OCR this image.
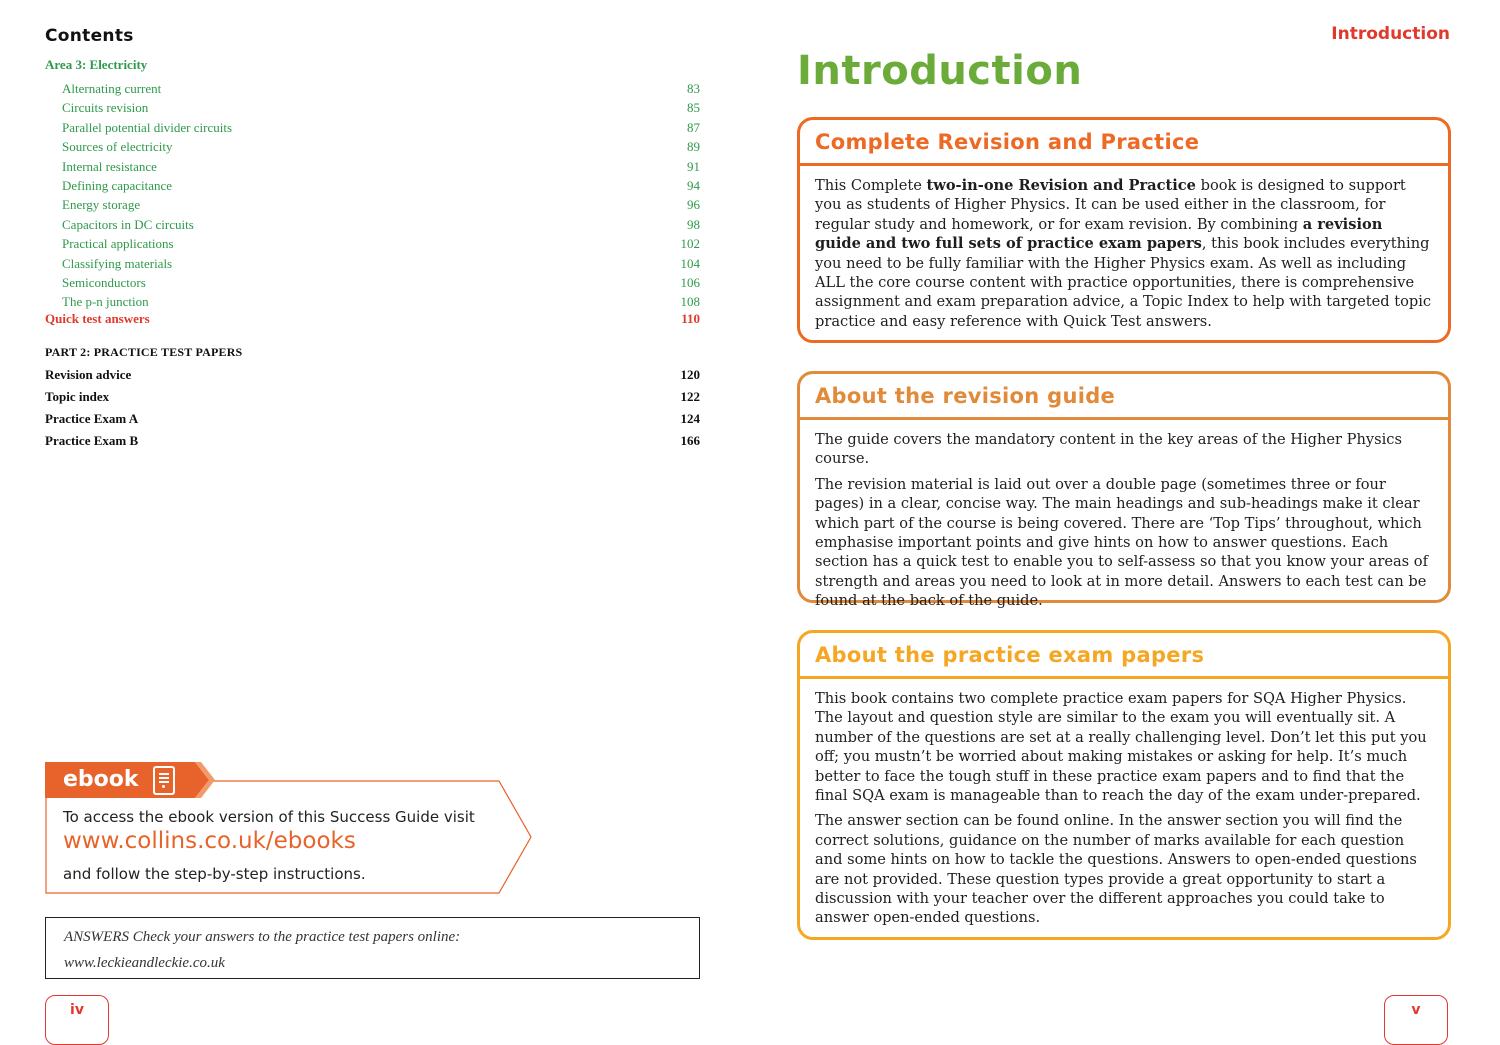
Contents
Area 3: Electricity
Alternating current	83
Circuits revision	85
Parallel potential divider circuits	87
Sources of electricity	89
Internal resistance	91
Defining capacitance	94
Energy storage	96
Capacitors in DC circuits	98
Practical applications	102
Classifying materials	104
Semiconductors	106
The p-n junction	108
Quick test answers	110
PART 2: PRACTICE TEST PAPERS
Revision advice	120
Topic index	122
Practice Exam A	124
Practice Exam B	166
ebook
To access the ebook version of this Success Guide visit
www.collins.co.uk/ebooks
and follow the step-by-step instructions.
ANSWERS Check your answers to the practice test papers online:
www.leckieandleckie.co.uk
iv
Introduction
Introduction
Complete Revision and Practice

This Complete two-in-one Revision and Practice book is designed to support you as students of Higher Physics. It can be used either in the classroom, for regular study and homework, or for exam revision. By combining a revision guide and two full sets of practice exam papers, this book includes everything you need to be fully familiar with the Higher Physics exam. As well as including ALL the core course content with practice opportunities, there is comprehensive assignment and exam preparation advice, a Topic Index to help with targeted topic practice and easy reference with Quick Test answers.

About the revision guide

The guide covers the mandatory content in the key areas of the Higher Physics course.

The revision material is laid out over a double page (sometimes three or four pages) in a clear, concise way. The main headings and sub-headings make it clear which part of the course is being covered. There are ‘Top Tips’ throughout, which emphasise important points and give hints on how to answer questions. Each section has a quick test to enable you to self-assess so that you know your areas of strength and areas you need to look at in more detail. Answers to each test can be found at the back of the guide.

About the practice exam papers

This book contains two complete practice exam papers for SQA Higher Physics. The layout and question style are similar to the exam you will eventually sit. A number of the questions are set at a really challenging level. Don’t let this put you off; you mustn’t be worried about making mistakes or asking for help. It’s much better to face the tough stuff in these practice exam papers and to find that the final SQA exam is manageable than to reach the day of the exam under-prepared.

The answer section can be found online. In the answer section you will find the correct solutions, guidance on the number of marks available for each question and some hints on how to tackle the questions. Answers to open-ended questions are not provided. These question types provide a great opportunity to start a discussion with your teacher over the different approaches you could take to answer open-ended questions.

v
